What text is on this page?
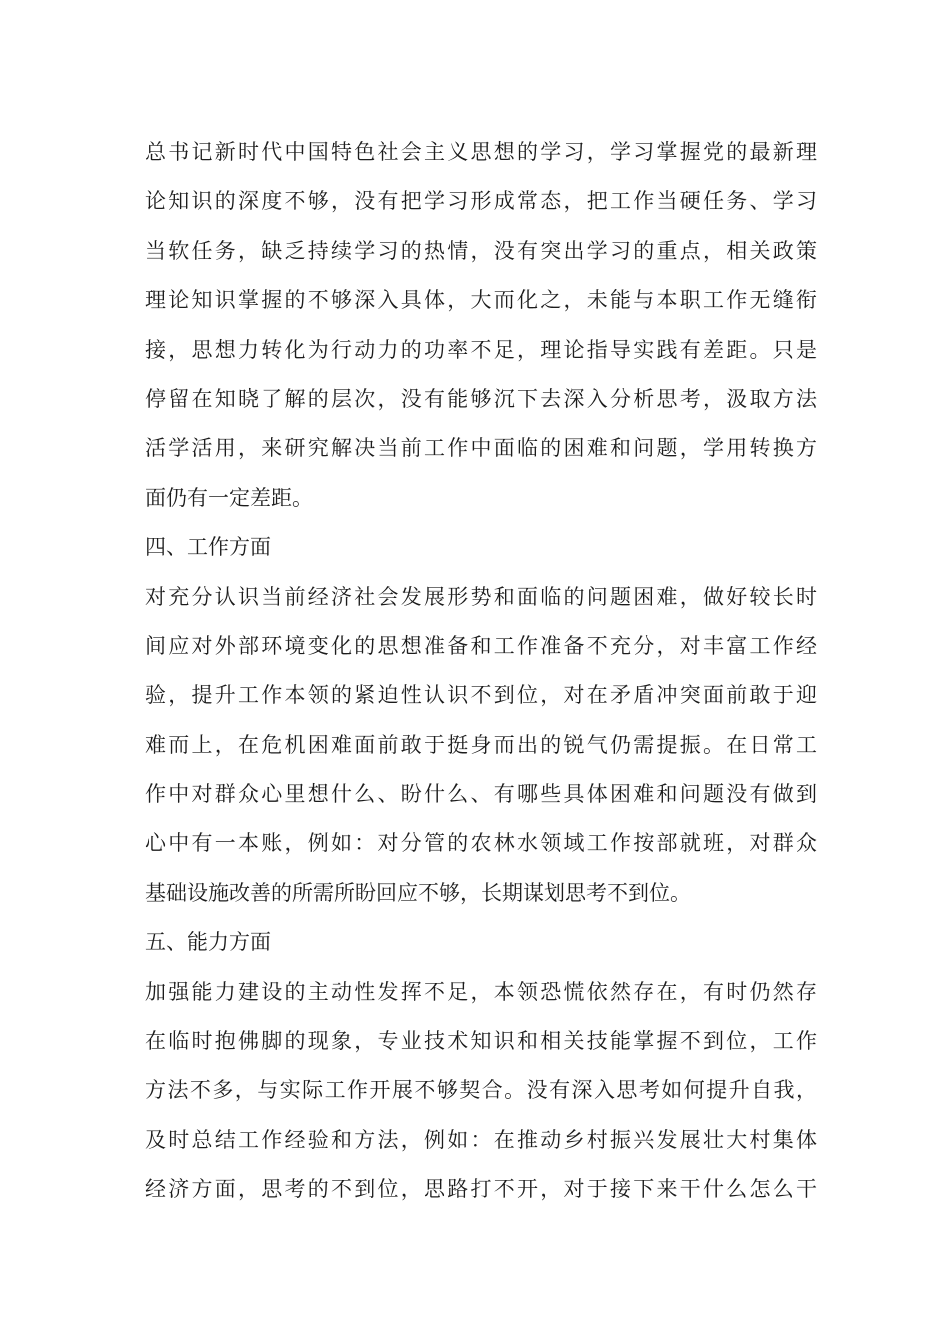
总书记新时代中国特色社会主义思想的学习，学习掌握党的最新理
论知识的深度不够，没有把学习形成常态，把工作当硬任务、学习
当软任务，缺乏持续学习的热情，没有突出学习的重点，相关政策
理论知识掌握的不够深入具体，大而化之，未能与本职工作无缝衔
接，思想力转化为行动力的功率不足，理论指导实践有差距。只是
停留在知晓了解的层次，没有能够沉下去深入分析思考，汲取方法
活学活用，来研究解决当前工作中面临的困难和问题，学用转换方
面仍有一定差距。
四、工作方面
对充分认识当前经济社会发展形势和面临的问题困难，做好较长时
间应对外部环境变化的思想准备和工作准备不充分，对丰富工作经
验，提升工作本领的紧迫性认识不到位，对在矛盾冲突面前敢于迎
难而上，在危机困难面前敢于挺身而出的锐气仍需提振。在日常工
作中对群众心里想什么、盼什么、有哪些具体困难和问题没有做到
心中有一本账，例如：对分管的农林水领域工作按部就班，对群众
基础设施改善的所需所盼回应不够，长期谋划思考不到位。
五、能力方面
加强能力建设的主动性发挥不足，本领恐慌依然存在，有时仍然存
在临时抱佛脚的现象，专业技术知识和相关技能掌握不到位，工作
方法不多，与实际工作开展不够契合。没有深入思考如何提升自我，
及时总结工作经验和方法，例如：在推动乡村振兴发展壮大村集体
经济方面，思考的不到位，思路打不开，对于接下来干什么怎么干
